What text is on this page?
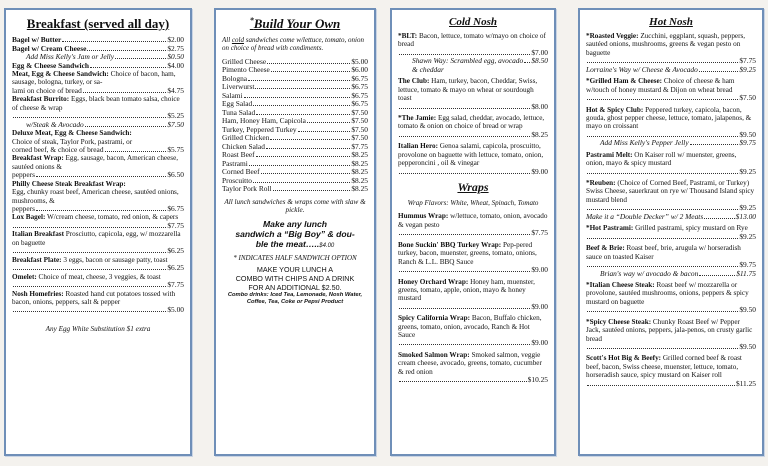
Breakfast (served all day)
Bagel w/ Butter	$2.00
Bagel w/ Cream Cheese	$2.75
Add Miss Kelly's Jam or Jelly	$0.50
Egg & Cheese Sandwich	$4.00
Meat, Egg & Cheese Sandwich: Choice of bacon, ham, sausage, bologna, turkey, or sa-
lami on choice of bread	$4.75
Breakfast Burrito: Eggs, black bean tomato salsa, choice of cheese & wrap
$5.25
w/Steak & Avocado	$7.50
Deluxe Meat, Egg & Cheese Sandwich:
Choice of steak, Taylor Pork, pastrami, or
corned beef, & choice of bread	$5.75
Breakfast Wrap: Egg, sausage, bacon, American cheese, sautéed onions &
peppers	$6.50
Philly Cheese Steak Breakfast Wrap:
Egg, chunky roast beef, American cheese, sautéed onions, mushrooms, &
peppers	$6.75
Lox Bagel: W/cream cheese, tomato, red onion, & capers
$7.75
Italian Breakfast Prosciutto, capicola, egg, w/ mozzarella on baguette
$6.25
Breakfast Plate: 3 eggs, bacon or sausage patty, toast
$6.25
Omelet: Choice of meat, cheese, 3 veggies, & toast
$7.75
Nosh Homefries: Roasted hand cut potatoes tossed with bacon, onions, peppers, salt & pepper
$5.00
Any Egg White Substitution $1 extra
*Build Your Own
All cold sandwiches come w/lettuce, tomato, onion on choice of bread with condiments.
Grilled Cheese	$5.00
Pimento Cheese	$6.00
Bologna	$6.75
Liverwurst	$6.75
Salami	$6.75
Egg Salad	$6.75
Tuna Salad	$7.50
Ham, Honey Ham, Capicola	$7.50
Turkey, Peppered Turkey	$7.50
Grilled Chicken	$7.50
Chicken Salad	$7.75
Roast Beef	$8.25
Pastrami	$8.25
Corned Beef	$8.25
Proscuitto	$8.25
Taylor Pork Roll	$8.25
All lunch sandwiches & wraps come with slaw & pickle.
Make any lunch
sandwich a “Big Boy” & dou-
ble the meat…..$4.00
* INDICATES HALF SANDWICH OPTION
MAKE YOUR LUNCH A
COMBO WITH CHIPS AND A DRINK
FOR AN ADDITIONAL $2.50.
Combo drinks: Iced Tea, Lemonade, Nosh Water, Coffee, Tea, Coke or Pepsi Product
Cold Nosh
*BLT: Bacon, lettuce, tomato w/mayo on choice of bread
$7.00
Shawn Way: Scrambled egg, avocado & cheddar
$8.50
The Club: Ham, turkey, bacon, Cheddar, Swiss, lettuce, tomato & mayo on wheat or sourdough toast
$8.00
*The Jamie: Egg salad, cheddar, avocado, lettuce, tomato & onion on choice of bread or wrap
$8.25
Italian Hero: Genoa salami, capicola, proscuitto, provolone on baguette with lettuce, tomato, onion, pepperoncini , oil & vinegar
$9.00
Wraps
Wrap Flavors: White, Wheat, Spinach, Tomato
Hummus Wrap: w/lettuce, tomato, onion, avocado & vegan pesto
$7.75
Bone Suckin' BBQ Turkey Wrap: Pep-pered turkey, bacon, muenster, greens, tomato, onions, Ranch & L.L. BBQ Sauce
$9.00
Honey Orchard Wrap: Honey ham, muenster, greens, tomato, apple, onion, mayo & honey mustard
$9.00
Spicy California Wrap: Bacon, Buffalo chicken, greens, tomato, onion, avocado, Ranch & Hot Sauce
$9.00
Smoked Salmon Wrap: Smoked salmon, veggie cream cheese, avocado, greens, tomato, cucumber & red onion
$10.25
Hot Nosh
*Roasted Veggie: Zucchini, eggplant, squash, peppers, sautéed onions, mushrooms, greens & vegan pesto on baguette
$7.75
Lorraine's Way w/ Cheese & Avocado	$9.25
*Grilled Ham & Cheese: Choice of cheese & ham w/touch of honey mustard & Dijon on wheat bread
$7.50
Hot & Spicy Club: Peppered turkey, capicola, bacon, gouda, ghost pepper cheese, lettuce, tomato, jalapenos, & mayo on croissant
$9.50
Add Miss Kelly's Pepper Jelly	$9.75
Pastrami Melt: On Kaiser roll w/ muenster, greens, onion, mayo & spicy mustard
$9.25
*Reuben: (Choice of Corned Beef, Pastrami, or Turkey) Swiss Cheese, sauerkraut on rye w/ Thousand Island spicy mustard blend
$9.25
Make it a “Double Decker” w/ 2 Meats	$13.00
*Hot Pastrami: Grilled pastrami, spicy mustard on Rye
$9.25
Beef & Brie: Roast beef, brie, arugula w/ horseradish sauce on toasted Kaiser
$9.75
Brian's way w/ avocado & bacon	$11.75
*Italian Cheese Steak: Roast beef w/ mozzarella or provolone, sautéed mushrooms, onions, peppers & spicy mustard on baguette
$9.50
*Spicy Cheese Steak: Chunky Roast Beef w/ Pepper Jack, sautéed onions, peppers, jala-penos, on crusty garlic bread
$9.50
Scott's Hot Big & Beefy: Grilled corned beef & roast beef, bacon, Swiss cheese, muenster, lettuce, tomato, horseradish sauce, spicy mustard on Kaiser roll
$11.25
